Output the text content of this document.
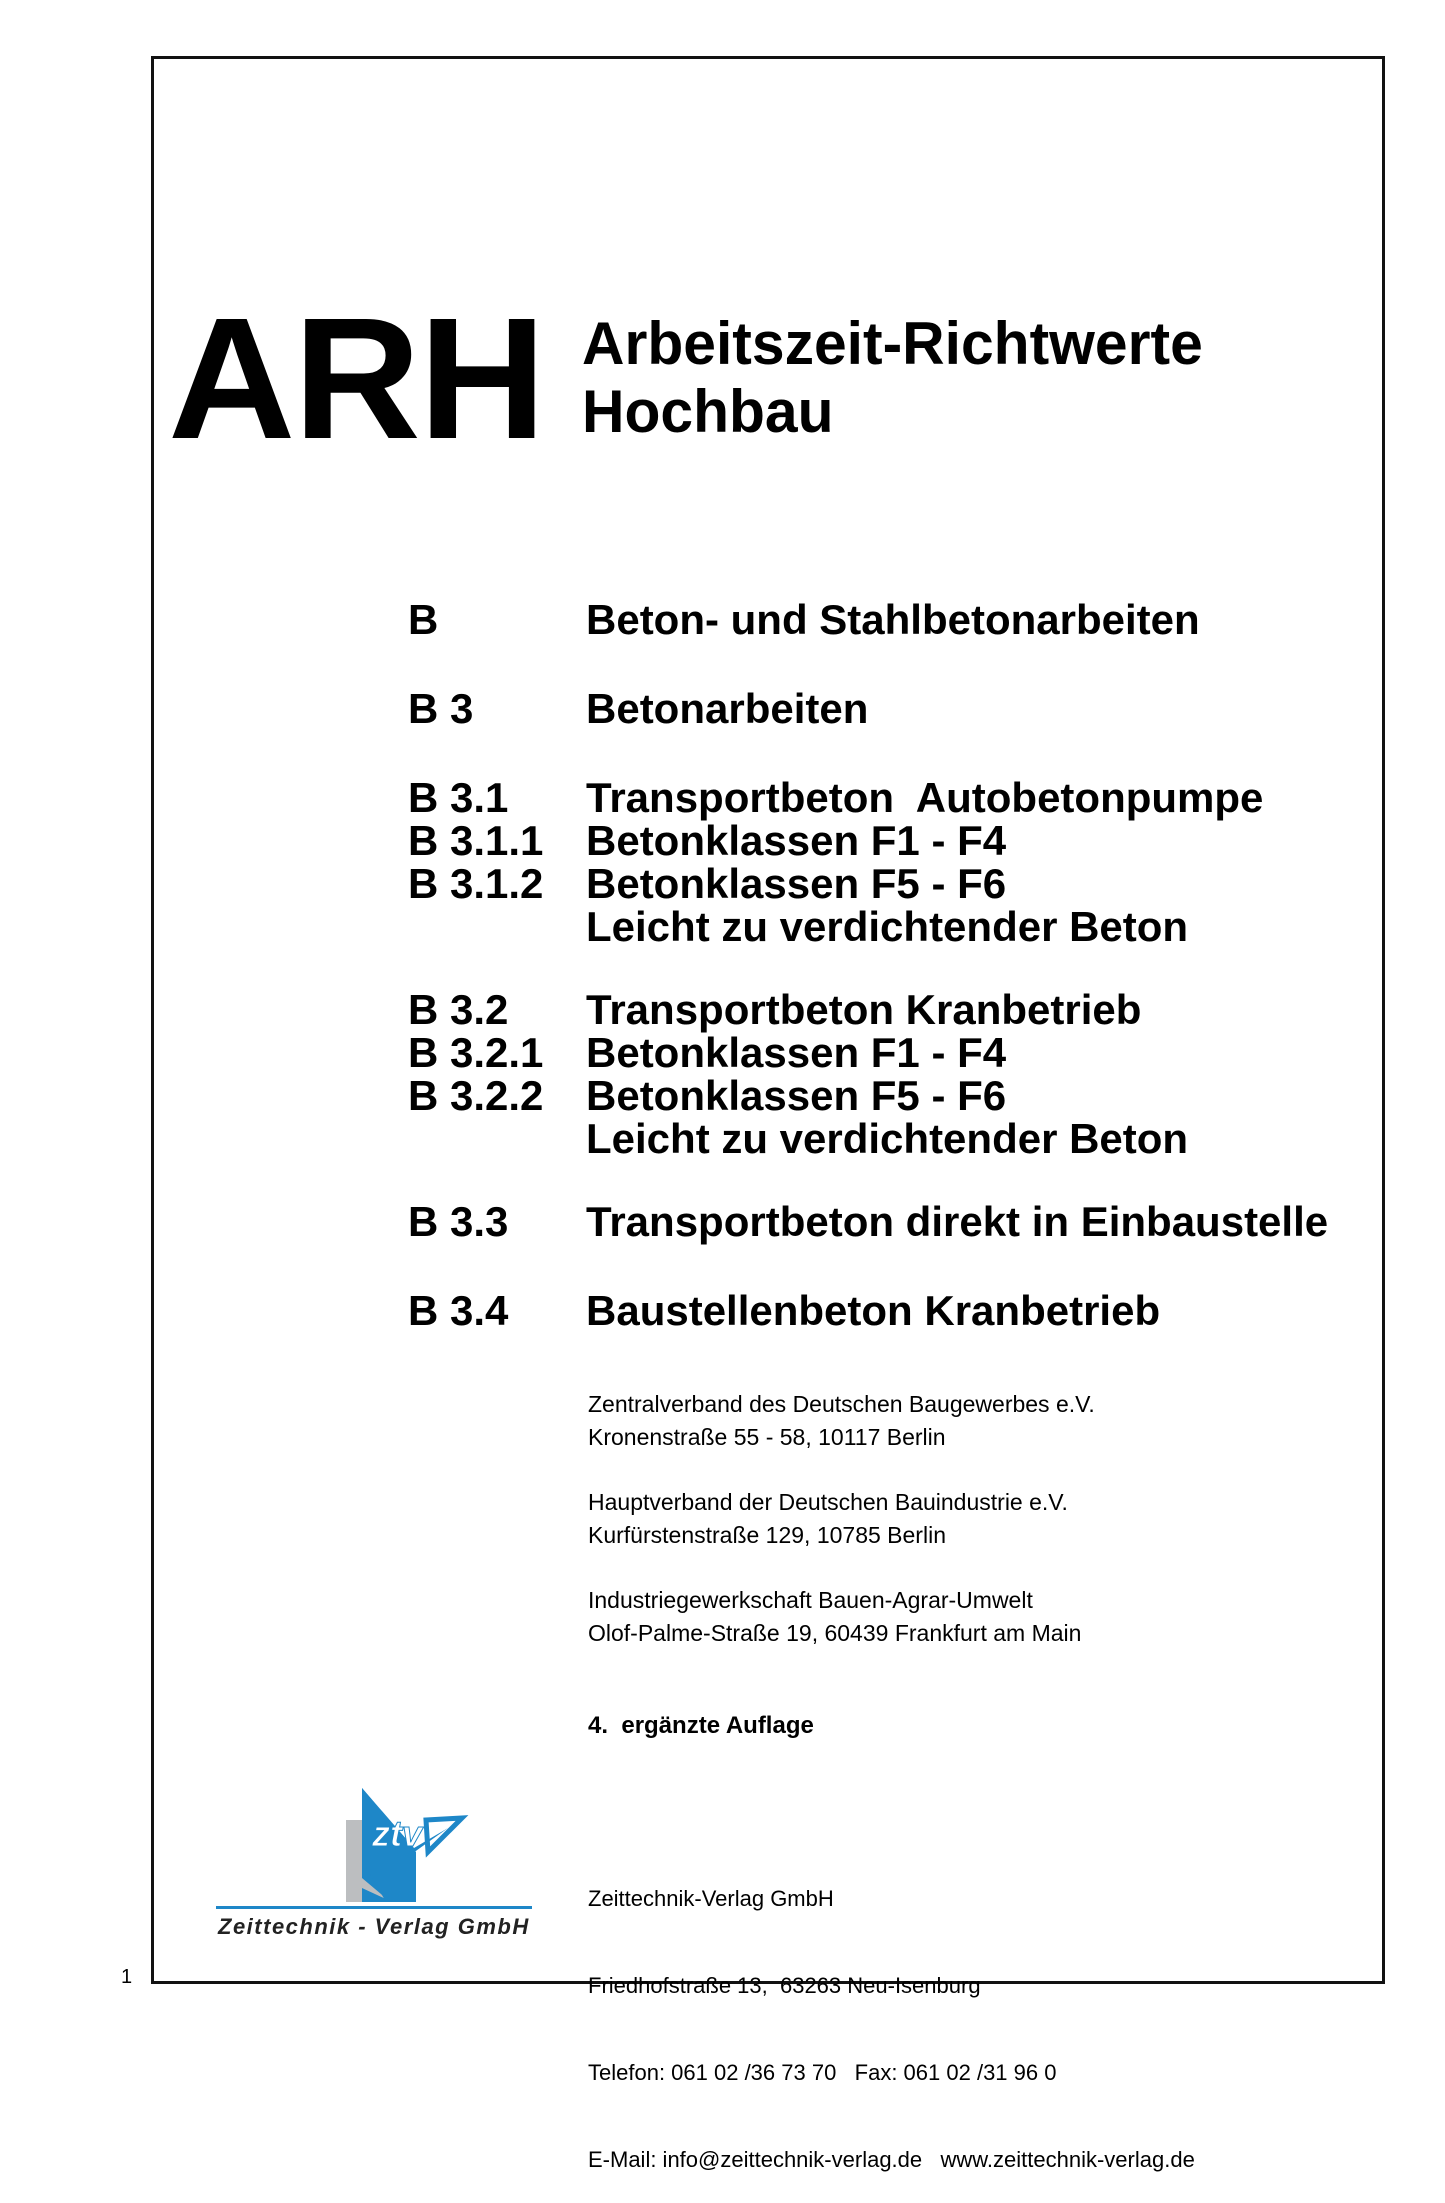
ARH Arbeitszeit-Richtwerte
Hochbau
B	Beton- und Stahlbetonarbeiten
B 3	Betonarbeiten
B 3.1	Transportbeton  Autobetonpumpe
B 3.1.1	Betonklassen F1 - F4
B 3.1.2	Betonklassen F5 - F6
Leicht zu verdichtender Beton
B 3.2	Transportbeton Kranbetrieb
B 3.2.1	Betonklassen F1 - F4
B 3.2.2	Betonklassen F5 - F6
Leicht zu verdichtender Beton
B 3.3	Transportbeton direkt in Einbaustelle
B 3.4	Baustellenbeton Kranbetrieb
Zentralverband des Deutschen Baugewerbes e.V.
Kronenstraße 55 - 58, 10117 Berlin
Hauptverband der Deutschen Bauindustrie e.V.
Kurfürstenstraße 129, 10785 Berlin
Industriegewerkschaft Bauen-Agrar-Umwelt
Olof-Palme-Straße 19, 60439 Frankfurt am Main
4.  ergänzte Auflage
ztv
Zeittechnik - Verlag GmbH

Zeittechnik-Verlag GmbH

Friedhofstraße 13,  63263 Neu-Isenburg

Telefon: 061 02 /36 73 70   Fax: 061 02 /31 96 0

E-Mail: info@zeittechnik-verlag.de   www.zeittechnik-verlag.de

1
